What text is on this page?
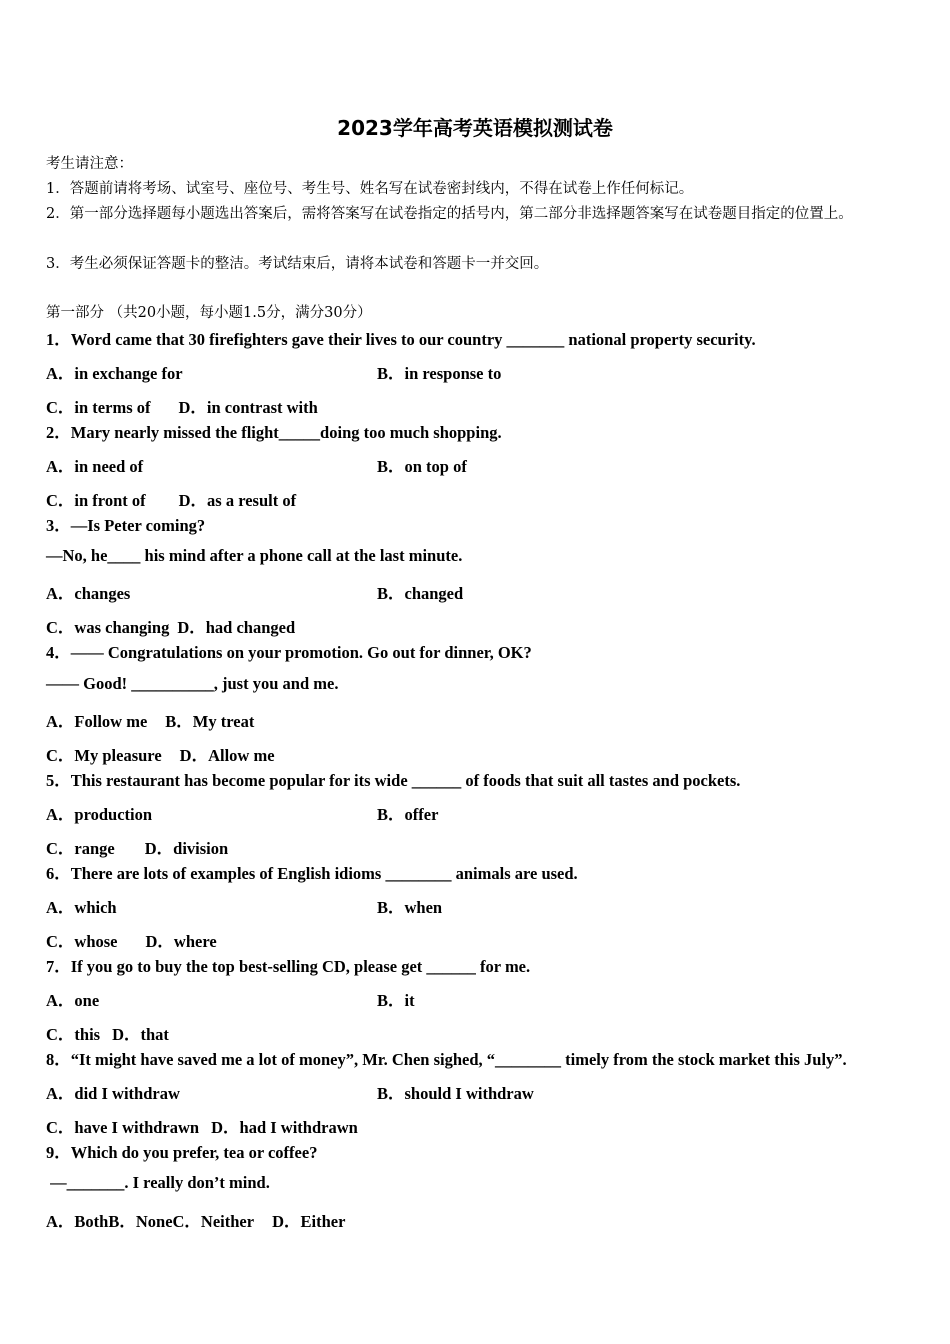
2023学年高考英语模拟测试卷
考生请注意：
1．答题前请将考场、试室号、座位号、考生号、姓名写在试卷密封线内，不得在试卷上作任何标记。
2．第一部分选择题每小题选出答案后，需将答案写在试卷指定的括号内，第二部分非选择题答案写在试卷题目指定的位置上。
3．考生必须保证答题卡的整洁。考试结束后，请将本试卷和答题卡一并交回。
第一部分 （共20小题，每小题1.5分，满分30分）
1．Word came that 30 firefighters gave their lives to our country _______ national property security.
A．in exchange for	B．in response to
C．in terms of D．in contrast with
2．Mary nearly missed the flight_____doing too much shopping.
A．in need of	B．on top of
C．in front of D．as a result of
3．—Is Peter coming?
—No, he____ his mind after a phone call at the last minute.
A．changes	B．changed
C．was changing D．had changed
4．—— Congratulations on your promotion. Go out for dinner, OK?
—— Good! __________, just you and me.
A．Follow me B．My treat
C．My pleasure D．Allow me
5．This restaurant has become popular for its wide ______ of foods that suit all tastes and pockets.
A．production	B．offer
C．range D．division
6．There are lots of examples of English idioms ________ animals are used.
A．which	B．when
C．whose D．where
7．If you go to buy the top best-selling CD, please get ______ for me.
A．one	B．it
C．this D．that
8．“It might have saved me a lot of money”, Mr. Chen sighed, “________ timely from the stock market this July”.
A．did I withdraw	B．should I withdraw
C．have I withdrawn D．had I withdrawn
9．Which do you prefer, tea or coffee?
—_______. I really don’t mind.
A．BothB．NoneC．Neither D．Either
